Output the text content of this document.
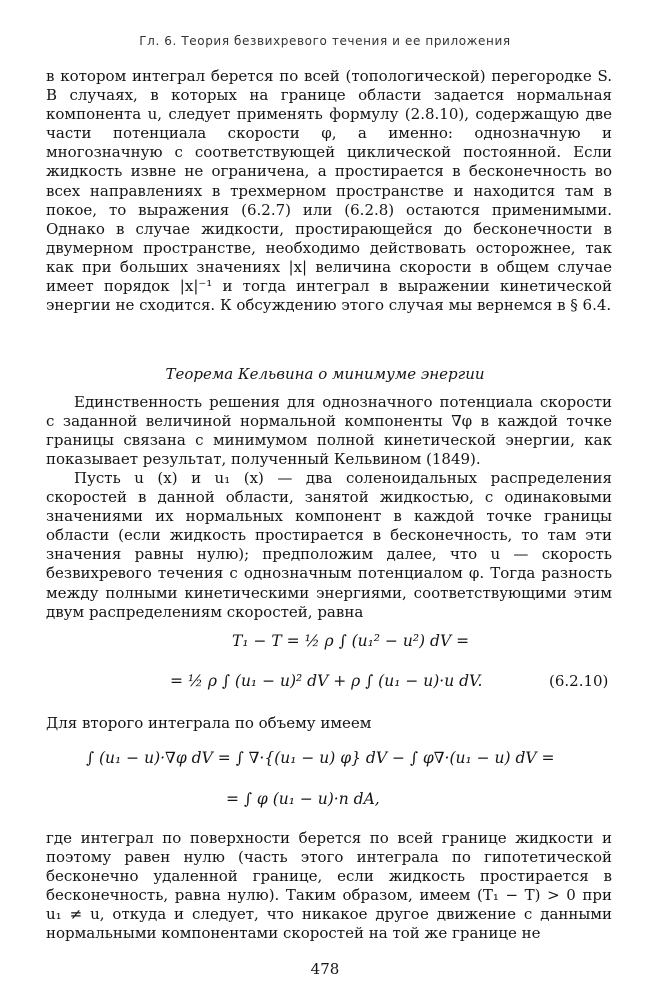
Гл. 6. Теория безвихревого течения и ее приложения

в котором интеграл берется по всей (топологической) перегородке S. В случаях, в которых на границе области задается нормальная компонента u, следует применять формулу (2.8.10), содержащую две части потенциала скорости φ, а именно: однозначную и многозначную с соответствующей циклической постоянной. Если жидкость извне не ограничена, а простирается в бесконечность во всех направлениях в трехмерном пространстве и находится там в покое, то выражения (6.2.7) или (6.2.8) остаются применимыми. Однако в случае жидкости, простирающейся до бесконечности в двумерном пространстве, необходимо действовать осторожнее, так как при больших значениях |x| величина скорости в общем случае имеет порядок |x|⁻¹ и тогда интеграл в выражении кинетической энергии не сходится. К обсуждению этого случая мы вернемся в § 6.4.

Теорема Кельвина о минимуме энергии

Единственность решения для однозначного потенциала скорости с заданной величиной нормальной компоненты ∇φ в каждой точке границы связана с минимумом полной кинетической энергии, как показывает результат, полученный Кельвином (1849).

Пусть u (x) и u₁ (x) — два соленоидальных распределения скоростей в данной области, занятой жидкостью, с одинаковыми значениями их нормальных компонент в каждой точке границы области (если жидкость простирается в бесконечность, то там эти значения равны нулю); предположим далее, что u — скорость безвихревого течения с однозначным потенциалом φ. Тогда разность между полными кинетическими энергиями, соответствующими этим двум распределениям скоростей, равна

T₁ − T = ½ ρ ∫ (u₁² − u²) dV =
= ½ ρ ∫ (u₁ − u)² dV + ρ ∫ (u₁ − u)·u dV.	(6.2.10)

Для второго интеграла по объему имеем

∫ (u₁ − u)·∇φ dV = ∫ ∇·{(u₁ − u) φ} dV − ∫ φ∇·(u₁ − u) dV =
= ∫ φ (u₁ − u)·n dA,

где интеграл по поверхности берется по всей границе жидкости и поэтому равен нулю (часть этого интеграла по гипотетической бесконечно удаленной границе, если жидкость простирается в бесконечность, равна нулю). Таким образом, имеем (T₁ − T) > 0 при u₁ ≠ u, откуда и следует, что никакое другое движение с данными нормальными компонентами скоростей на той же границе не

478
